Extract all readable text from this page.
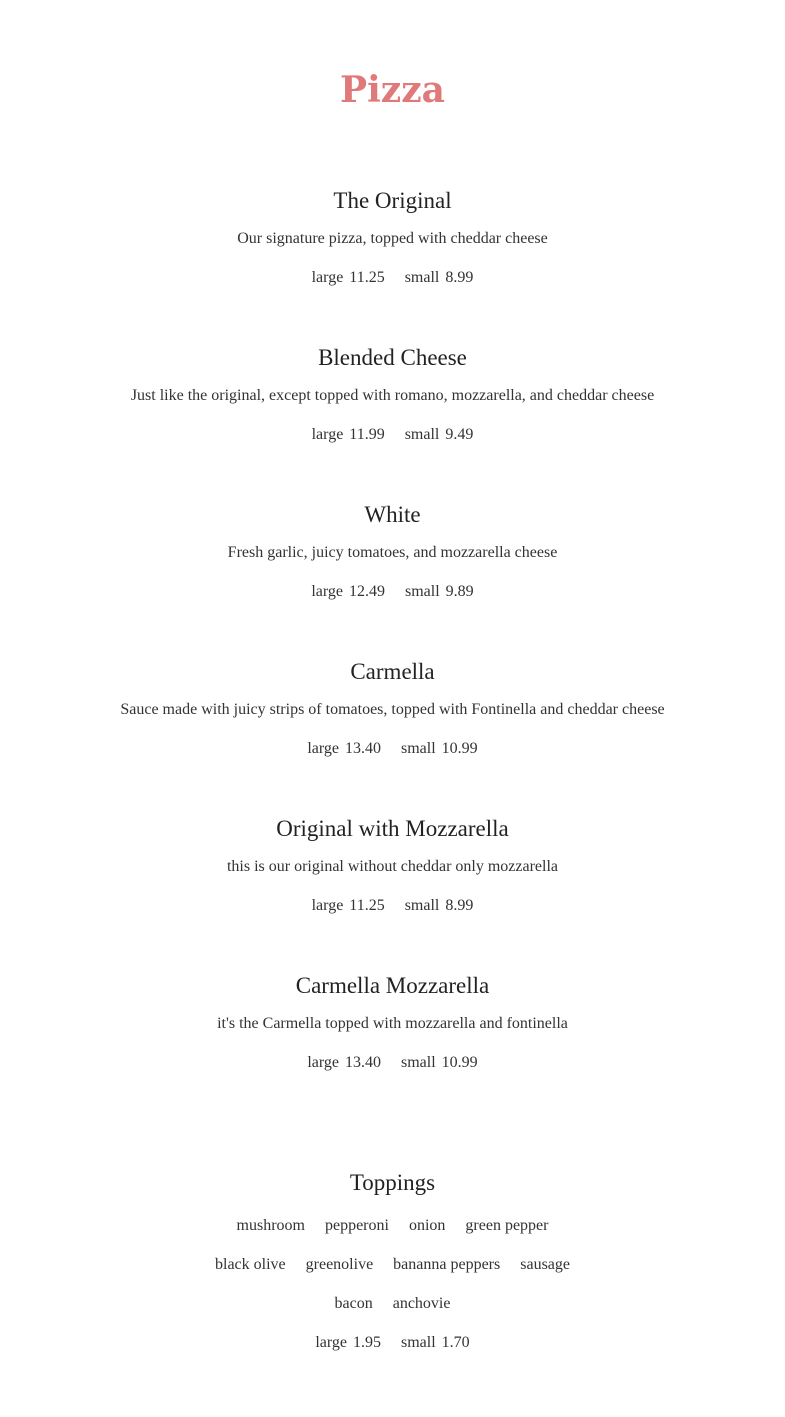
Pizza
The Original
Our signature pizza, topped with cheddar cheese
large 11.25 small 8.99
Blended Cheese
Just like the original, except topped with romano, mozzarella, and cheddar cheese
large 11.99 small 9.49
White
Fresh garlic, juicy tomatoes, and mozzarella cheese
large 12.49 small 9.89
Carmella
Sauce made with juicy strips of tomatoes, topped with Fontinella and cheddar cheese
large 13.40 small 10.99
Original with Mozzarella
this is our original without cheddar only mozzarella
large 11.25 small 8.99
Carmella Mozzarella
it's the Carmella topped with mozzarella and fontinella
large 13.40 small 10.99
Toppings
mushroom pepperoni onion green pepper
black olive greenolive bananna peppers sausage
bacon anchovie
large 1.95 small 1.70
